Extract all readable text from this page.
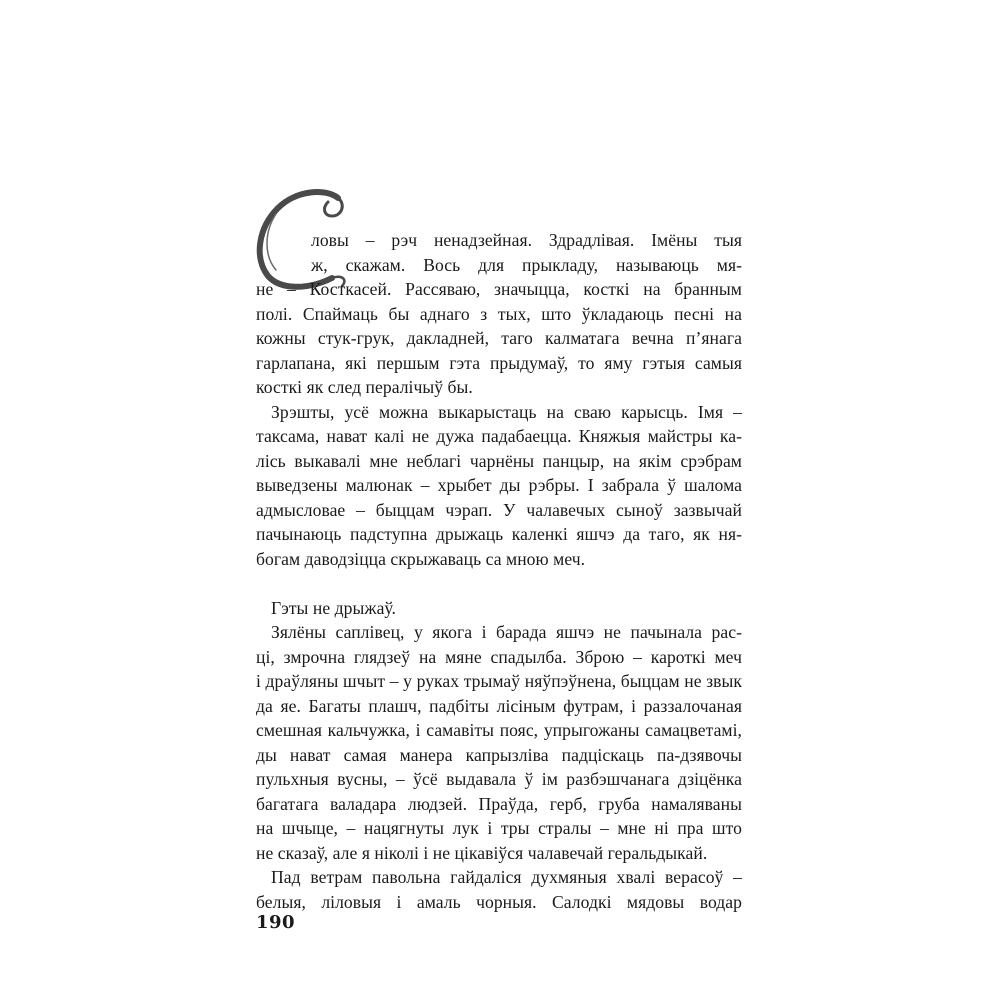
ловы – рэч ненадзейная. Здрадлівая. Імёны тыя
ж, скажам. Вось для прыкладу, называюць мя-
не – Косткасей. Рассяваю, значыцца, косткі на бранным
полі. Спаймаць бы аднаго з тых, што ўкладаюць песні на
кожны стук-грук, дакладней, таго калматага вечна п’янага
гарлапана, які першым гэта прыдумаў, то яму гэтыя самыя
косткі як след пералічыў бы.
Зрэшты, усё можна выкарыстаць на сваю карысць. Імя –
таксама, нават калі не дужа падабаецца. Княжыя майстры ка-
лісь выкавалі мне неблагі чарнёны панцыр, на якім срэбрам
выведзены малюнак – хрыбет ды рэбры. І забрала ў шалома
адмысловае – быццам чэрап. У чалавечых сыноў зазвычай
пачынаюць падступна дрыжаць каленкі яшчэ да таго, як ня-
богам даводзіцца скрыжаваць са мною меч.
Гэты не дрыжаў.
Зялёны саплівец, у якога і барада яшчэ не пачынала рас-
ці, змрочна глядзеў на мяне спадылба. Зброю – кароткі меч
і драўляны шчыт – у руках трымаў няўпэўнена, быццам не звык
да яе. Багаты плашч, падбіты лісіным футрам, і раззалочаная
смешная кальчужка, і самавіты пояс, упрыгожаны самацветамі,
ды нават самая манера капрызліва падціскаць па-дзявочы
пульхныя вусны, – ўсё выдавала ў ім разбэшчанага дзіцёнка
багатага валадара людзей. Праўда, герб, груба намаляваны
на шчыце, – нацягнуты лук і тры стралы – мне ні пра што
не сказаў, але я ніколі і не цікавіўся чалавечай геральдыкай.
Пад ветрам павольна гайдаліся духмяныя хвалі верасоў –
белыя, ліловыя і амаль чорныя. Салодкі мядовы водар
190
